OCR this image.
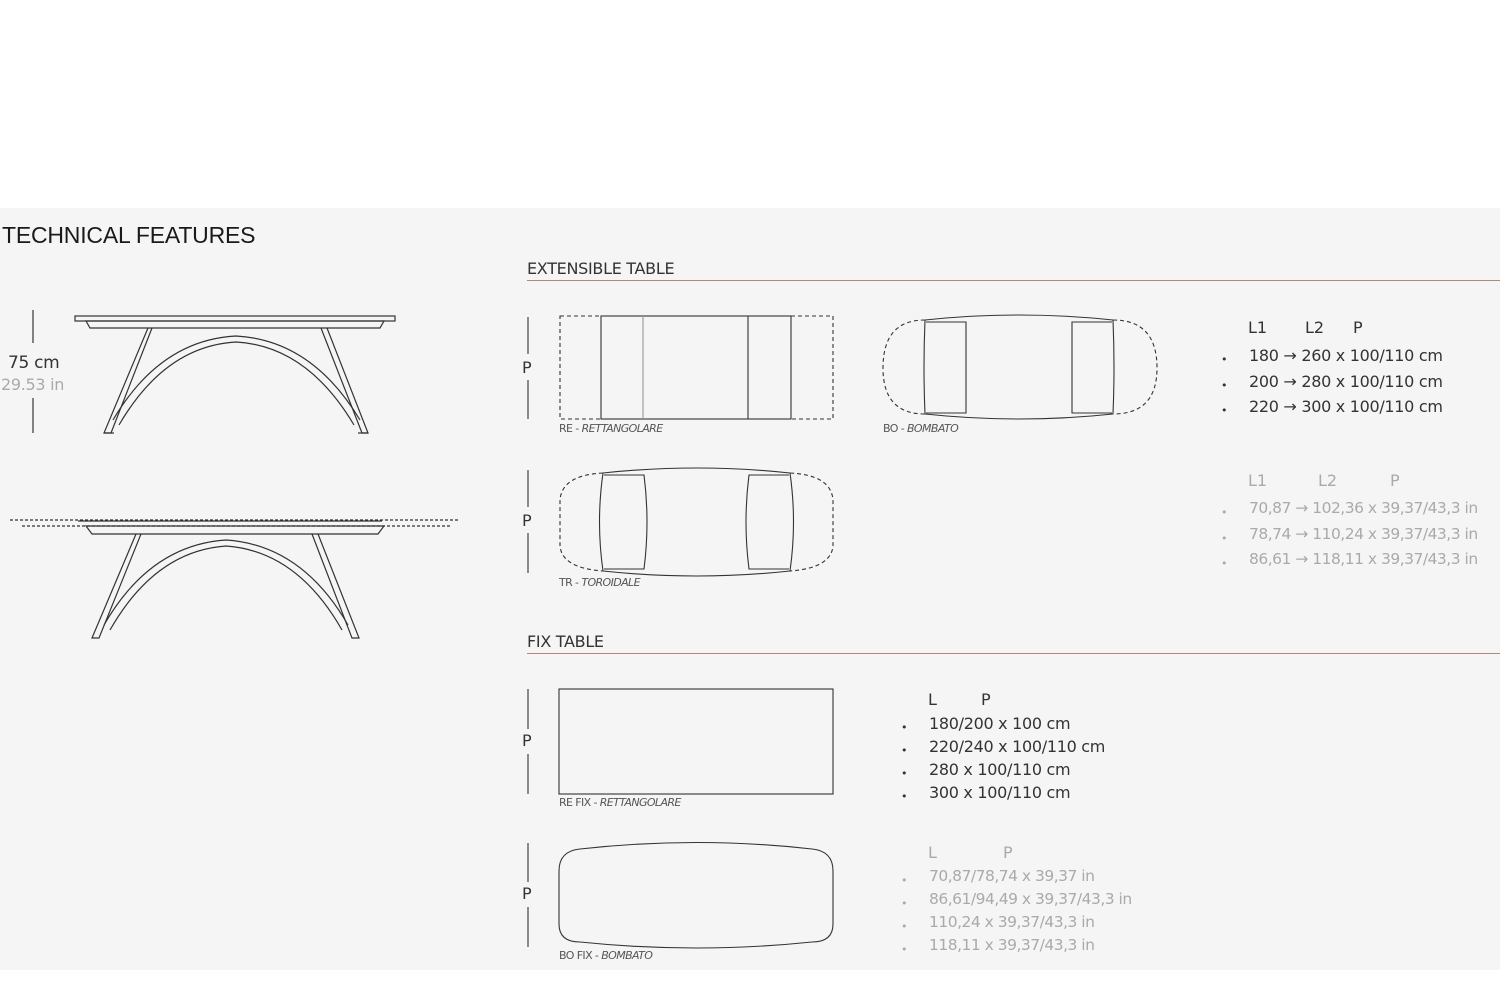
TECHNICAL FEATURES
75 cm
29.53 in
EXTENSIBLE TABLE
P
P
RE - RETTANGOLARE	BO - BOMBATO
TR - TOROIDALE
L1 L2 P
• 180 → 260 x 100/110 cm
• 200 → 280 x 100/110 cm
• 220 → 300 x 100/110 cm
L1	L2	P
• 70,87 → 102,36 x 39,37/43,3 in
• 78,74 → 110,24 x 39,37/43,3 in
• 86,61 → 118,11 x 39,37/43,3 in
FIX TABLE
P
P
RE FIX - RETTANGOLARE
BO FIX - BOMBATO
L	P
• 180/200 x 100 cm
• 220/240 x 100/110 cm
• 280 x 100/110 cm
• 300 x 100/110 cm
L	P
• 70,87/78,74 x 39,37 in
• 86,61/94,49 x 39,37/43,3 in
• 110,24 x 39,37/43,3 in
• 118,11 x 39,37/43,3 in
